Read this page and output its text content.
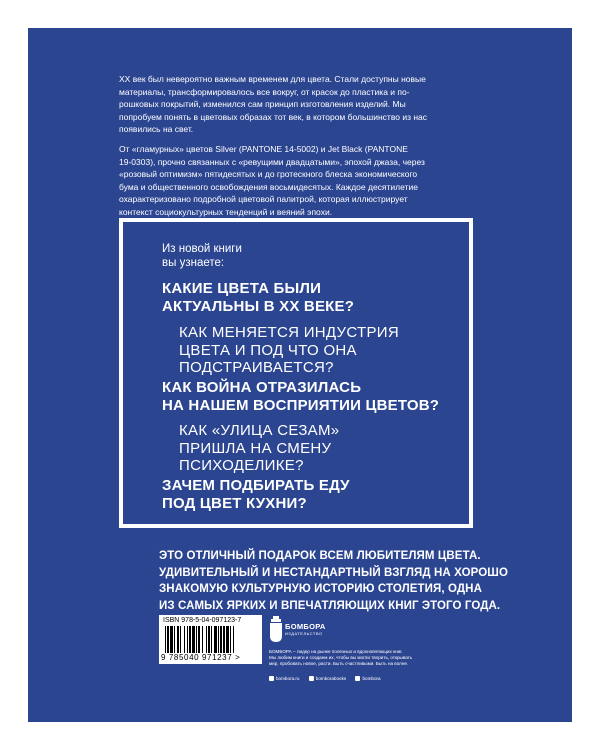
XX век был невероятно важным временем для цвета. Стали доступны новые
материалы, трансформировалось все вокруг, от красок до пластика и по-
рошковых покрытий, изменился сам принцип изготовления изделий. Мы
попробуем понять в цветовых образах тот век, в котором большинство из нас
появились на свет.

От «гламурных» цветов Silver (PANTONE 14-5002) и Jet Black (PANTONE
19-0303), прочно связанных с «ревущими двадцатыми», эпохой джаза, через
«розовый оптимизм» пятидесятых и до гротескного блеска экономического
бума и общественного освобождения восьмидесятых. Каждое десятилетие
охарактеризовано подробной цветовой палитрой, которая иллюстрирует
контекст социокультурных тенденций и веяний эпохи.

Из новой книги
вы узнаете:
КАКИЕ ЦВЕТА БЫЛИ
АКТУАЛЬНЫ В XX ВЕКЕ?
КАК МЕНЯЕТСЯ ИНДУСТРИЯ
ЦВЕТА И ПОД ЧТО ОНА
ПОДСТРАИВАЕТСЯ?
КАК ВОЙНА ОТРАЗИЛАСЬ
НА НАШЕМ ВОСПРИЯТИИ ЦВЕТОВ?
КАК «УЛИЦА СЕЗАМ»
ПРИШЛА НА СМЕНУ
ПСИХОДЕЛИКЕ?
ЗАЧЕМ ПОДБИРАТЬ ЕДУ
ПОД ЦВЕТ КУХНИ?
ЭТО ОТЛИЧНЫЙ ПОДАРОК ВСЕМ ЛЮБИТЕЛЯМ ЦВЕТА.
УДИВИТЕЛЬНЫЙ И НЕСТАНДАРТНЫЙ ВЗГЛЯД НА ХОРОШО
ЗНАКОМУЮ КУЛЬТУРНУЮ ИСТОРИЮ СТОЛЕТИЯ, ОДНА
ИЗ САМЫХ ЯРКИХ И ВПЕЧАТЛЯЮЩИХ КНИГ ЭТОГО ГОДА.
ISBN 978-5-04-097123-7
9 785040 971237 >
БОМБОРА
ИЗДАТЕЛЬСТВО
БОМБОРА – лидер на рынке полезных и вдохновляющих книг.
Мы любим книги и создаем их, чтобы вы могли творить, открывать
мир, пробовать новое, расти. Быть счастливыми. Быть на волне.
bombora.ru	bomborabooks	bombora
